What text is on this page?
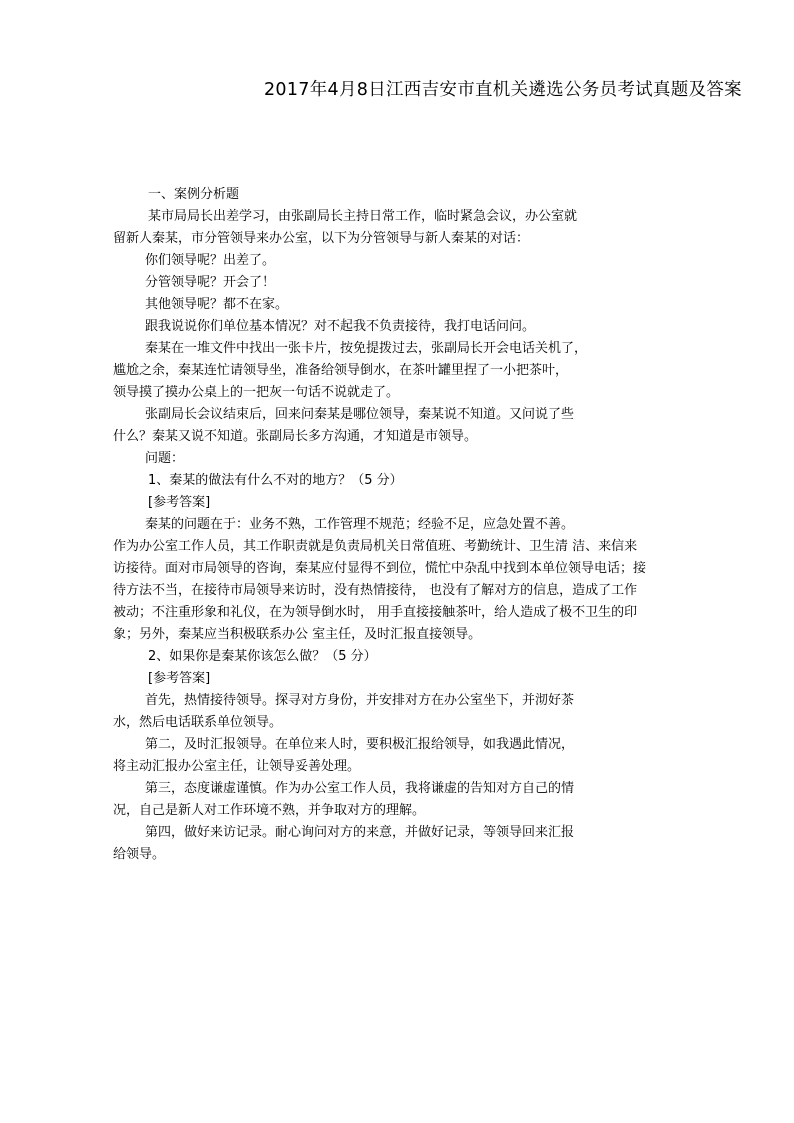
2017年4月8日江西吉安市直机关遴选公务员考试真题及答案
一、案例分析题
某市局局长出差学习，由张副局长主持日常工作，临时紧急会议，办公室就
留新人秦某，市分管领导来办公室，以下为分管领导与新人秦某的对话：
你们领导呢？出差了。
分管领导呢？开会了！
其他领导呢？都不在家。
跟我说说你们单位基本情况？对不起我不负责接待，我打电话问问。
秦某在一堆文件中找出一张卡片，按免提拨过去，张副局长开会电话关机了，
尴尬之余，秦某连忙请领导坐，准备给领导倒水，在茶叶罐里捏了一小把茶叶，
领导摸了摸办公桌上的一把灰一句话不说就走了。
张副局长会议结束后，回来问秦某是哪位领导，秦某说不知道。又问说了些
什么？秦某又说不知道。张副局长多方沟通，才知道是市领导。
问题：
1、秦某的做法有什么不对的地方？（5 分）
[参考答案]
秦某的问题在于：业务不熟，工作管理不规范；经验不足，应急处置不善。
作为办公室工作人员，其工作职责就是负责局机关日常值班、考勤统计、卫生清 洁、来信来
访接待。面对市局领导的咨询，秦某应付显得不到位，慌忙中杂乱中找到本单位领导电话；接
待方法不当，在接待市局领导来访时，没有热情接待， 也没有了解对方的信息，造成了工作
被动；不注重形象和礼仪，在为领导倒水时， 用手直接接触茶叶，给人造成了极不卫生的印
象；另外，秦某应当积极联系办公 室主任，及时汇报直接领导。
2、如果你是秦某你该怎么做？（5 分）
[参考答案]
首先，热情接待领导。探寻对方身份，并安排对方在办公室坐下，并沏好茶
水，然后电话联系单位领导。
第二，及时汇报领导。在单位来人时，要积极汇报给领导，如我遇此情况，
将主动汇报办公室主任，让领导妥善处理。
第三，态度谦虚谨慎。作为办公室工作人员，我将谦虚的告知对方自己的情
况，自己是新人对工作环境不熟，并争取对方的理解。
第四，做好来访记录。耐心询问对方的来意，并做好记录，等领导回来汇报
给领导。
